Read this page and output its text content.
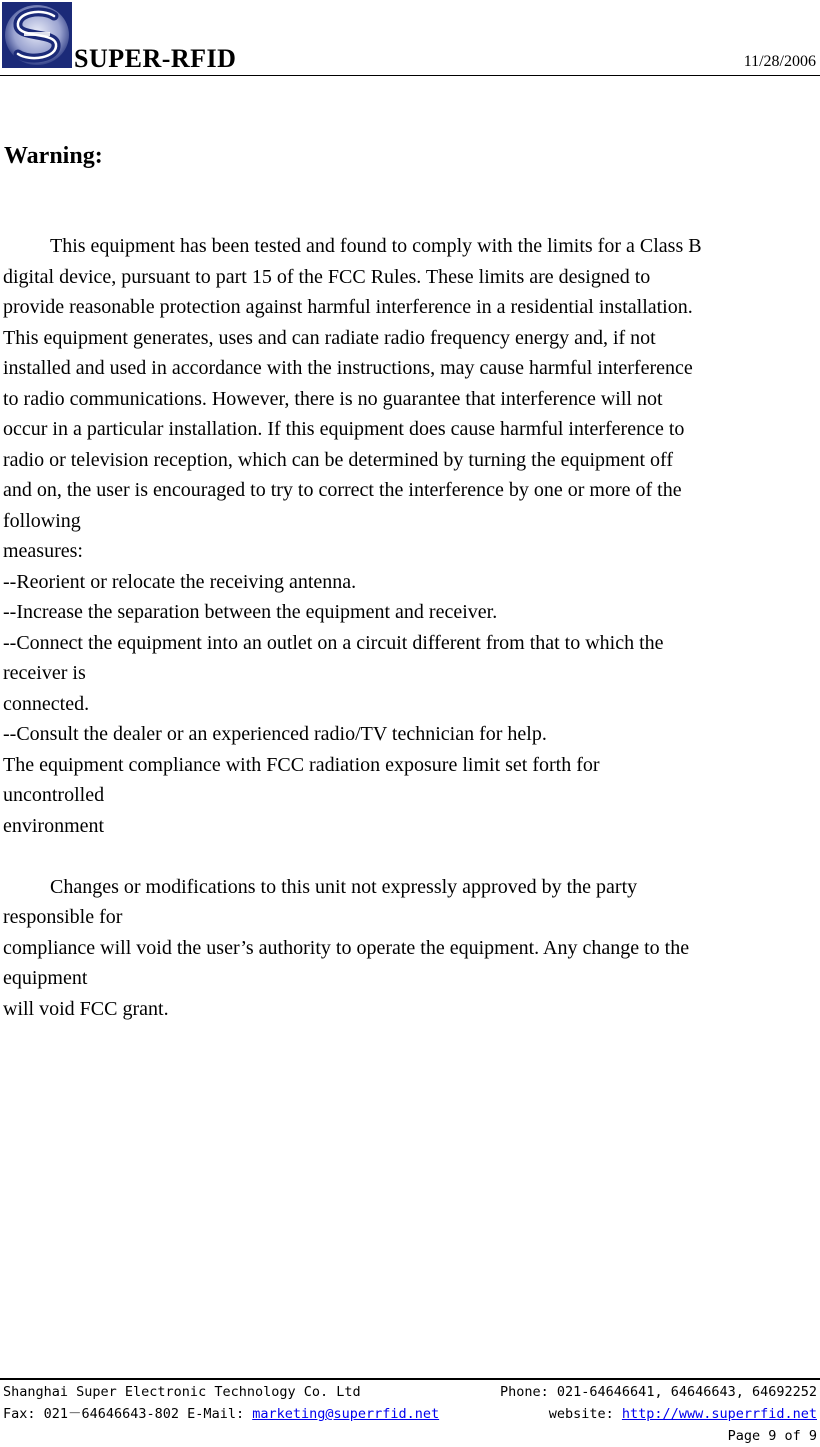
SUPER-RFID	11/28/2006
Warning:
This equipment has been tested and found to comply with the limits for a Class B
digital device, pursuant to part 15 of the FCC Rules. These limits are designed to
provide reasonable protection against harmful interference in a residential installation.
This equipment generates, uses and can radiate radio frequency energy and, if not
installed and used in accordance with the instructions, may cause harmful interference
to radio communications. However, there is no guarantee that interference will not
occur in a particular installation. If this equipment does cause harmful interference to
radio or television reception, which can be determined by turning the equipment off
and on, the user is encouraged to try to correct the interference by one or more of the
following
measures:
--Reorient or relocate the receiving antenna.
--Increase the separation between the equipment and receiver.
--Connect the equipment into an outlet on a circuit different from that to which the
receiver is
connected.
--Consult the dealer or an experienced radio/TV technician for help.
The equipment compliance with FCC radiation exposure limit set forth for
uncontrolled
environment
Changes or modifications to this unit not expressly approved by the party
responsible for
compliance will void the user’s authority to operate the equipment. Any change to the
equipment
will void FCC grant.
Shanghai Super Electronic Technology Co. Ltd	Phone: 021-64646641, 64646643, 64692252
Fax: 021－64646643-802 E-Mail: marketing@superrfid.net	website: http://www.superrfid.net
Page 9 of 9
